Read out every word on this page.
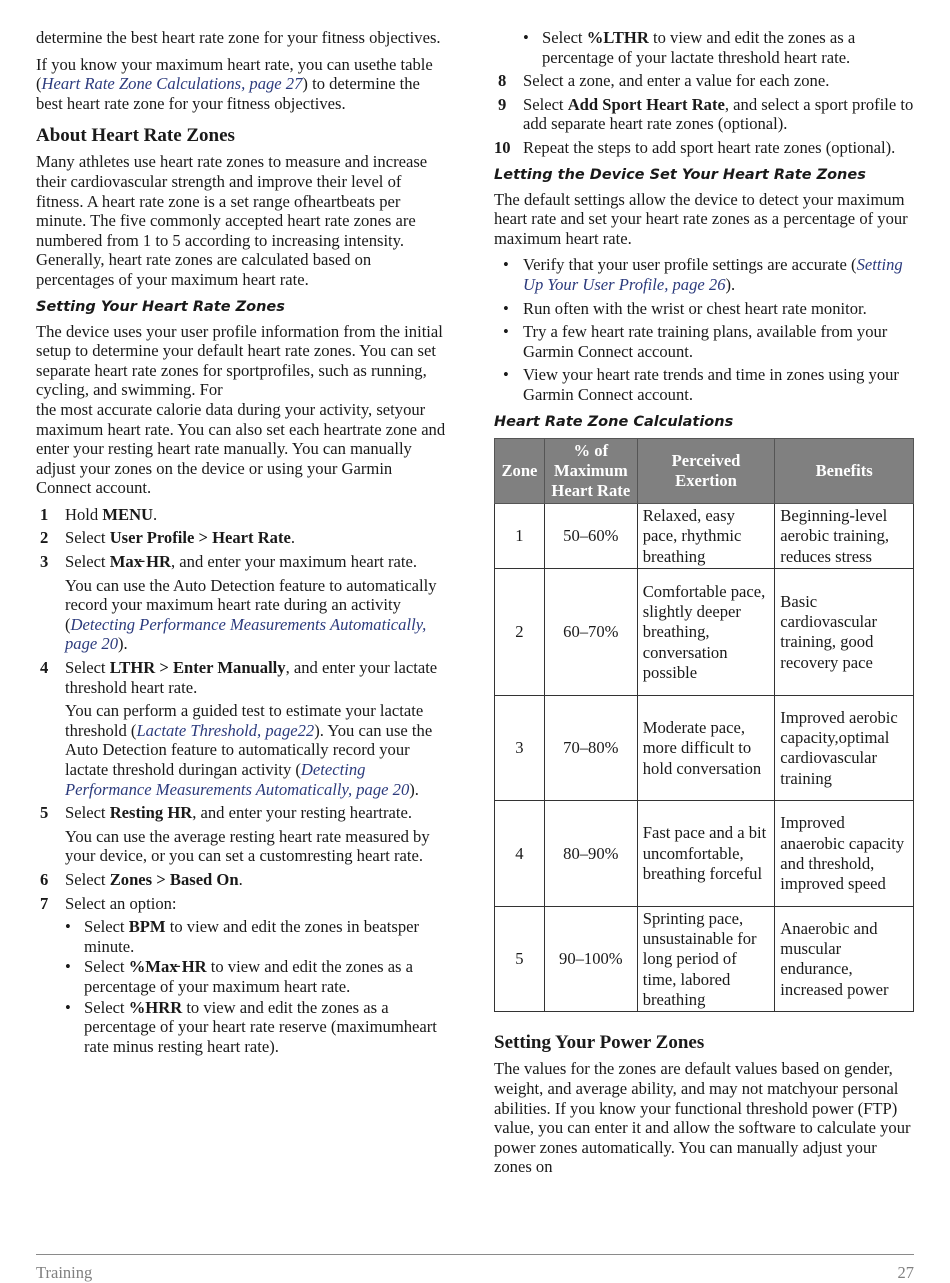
determine the best heart rate zone for your fitness objectives.

If you know your maximum heart rate, you can usethe table (Heart Rate Zone Calculations, page 27) to determine the best heart rate zone for your fitness objectives.

About Heart Rate Zones

Many athletes use heart rate zones to measure and increase their cardiovascular strength and improve their level of fitness. A heart rate zone is a set range ofheartbeats per minute. The five commonly accepted heart rate zones are numbered from 1 to 5 according to increasing intensity. Generally, heart rate zones are calculated based on percentages of your maximum heart rate.

Setting Your Heart Rate Zones

The device uses your user profile information from the initial setup to determine your default heart rate zones. You can set separate heart rate zones for sportprofiles, such as running, cycling, and swimming. For

the most accurate calorie data during your activity, setyour maximum heart rate. You can also set each heartrate zone and enter your resting heart rate manually. You can manually adjust your zones on the device or using your Garmin Connect account.

1 Hold MENU.
2 Select User Profile > Heart Rate.
3 Select Max̵ HR, and enter your maximum heart rate.
You can use the Auto Detection feature to automatically record your maximum heart rate during an activity (Detecting Performance Measurements Automatically, page 20).
4 Select LTHR > Enter Manually, and enter your lactate threshold heart rate.
You can perform a guided test to estimate your lactate threshold (Lactate Threshold, page22). You can use the Auto Detection feature to automatically record your lactate threshold duringan activity (Detecting Performance Measurements Automatically, page 20).
5 Select Resting HR, and enter your resting heartrate.
You can use the average resting heart rate measured by your device, or you can set a customresting heart rate.
6 Select Zones > Based On.
7 Select an option:
• Select BPM to view and edit the zones in beatsper minute.
• Select %Max̵ HR to view and edit the zones as a percentage of your maximum heart rate.
• Select %HRR to view and edit the zones as a percentage of your heart rate reserve (maximumheart rate minus resting heart rate).
• Select %LTHR to view and edit the zones as a percentage of your lactate threshold heart rate.
8 Select a zone, and enter a value for each zone.
9 Select Add Sport Heart Rate, and select a sport profile to add separate heart rate zones (optional).
10 Repeat the steps to add sport heart rate zones (optional).
Letting the Device Set Your Heart Rate Zones

The default settings allow the device to detect your maximum heart rate and set your heart rate zones as a percentage of your maximum heart rate.

• Verify that your user profile settings are accurate (Setting Up Your User Profile, page 26).
• Run often with the wrist or chest heart rate monitor.
• Try a few heart rate training plans, available from your Garmin Connect account.
• View your heart rate trends and time in zones using your Garmin Connect account.
Heart Rate Zone Calculations
Zone	% of Maximum Heart Rate	Perceived Exertion	Benefits
1	50–60%	Relaxed, easy pace, rhythmic breathing	Beginning-level aerobic training, reduces stress
2	60–70%	Comfortable pace, slightly deeper breathing, conversation possible	Basic cardiovascular training, good recovery pace
3	70–80%	Moderate pace, more difficult to hold conversation	Improved aerobic capacity,optimal cardiovascular training
4	80–90%	Fast pace and a bit uncomfortable, breathing forceful	Improved anaerobic capacity and threshold, improved speed
5	90–100%	Sprinting pace, unsustainable for long period of time, labored breathing	Anaerobic and muscular endurance, increased power
Setting Your Power Zones

The values for the zones are default values based on gender, weight, and average ability, and may not matchyour personal abilities. If you know your functional threshold power (FTP) value, you can enter it and allow the software to calculate your power zones automatically. You can manually adjust your zones on

Training	27
